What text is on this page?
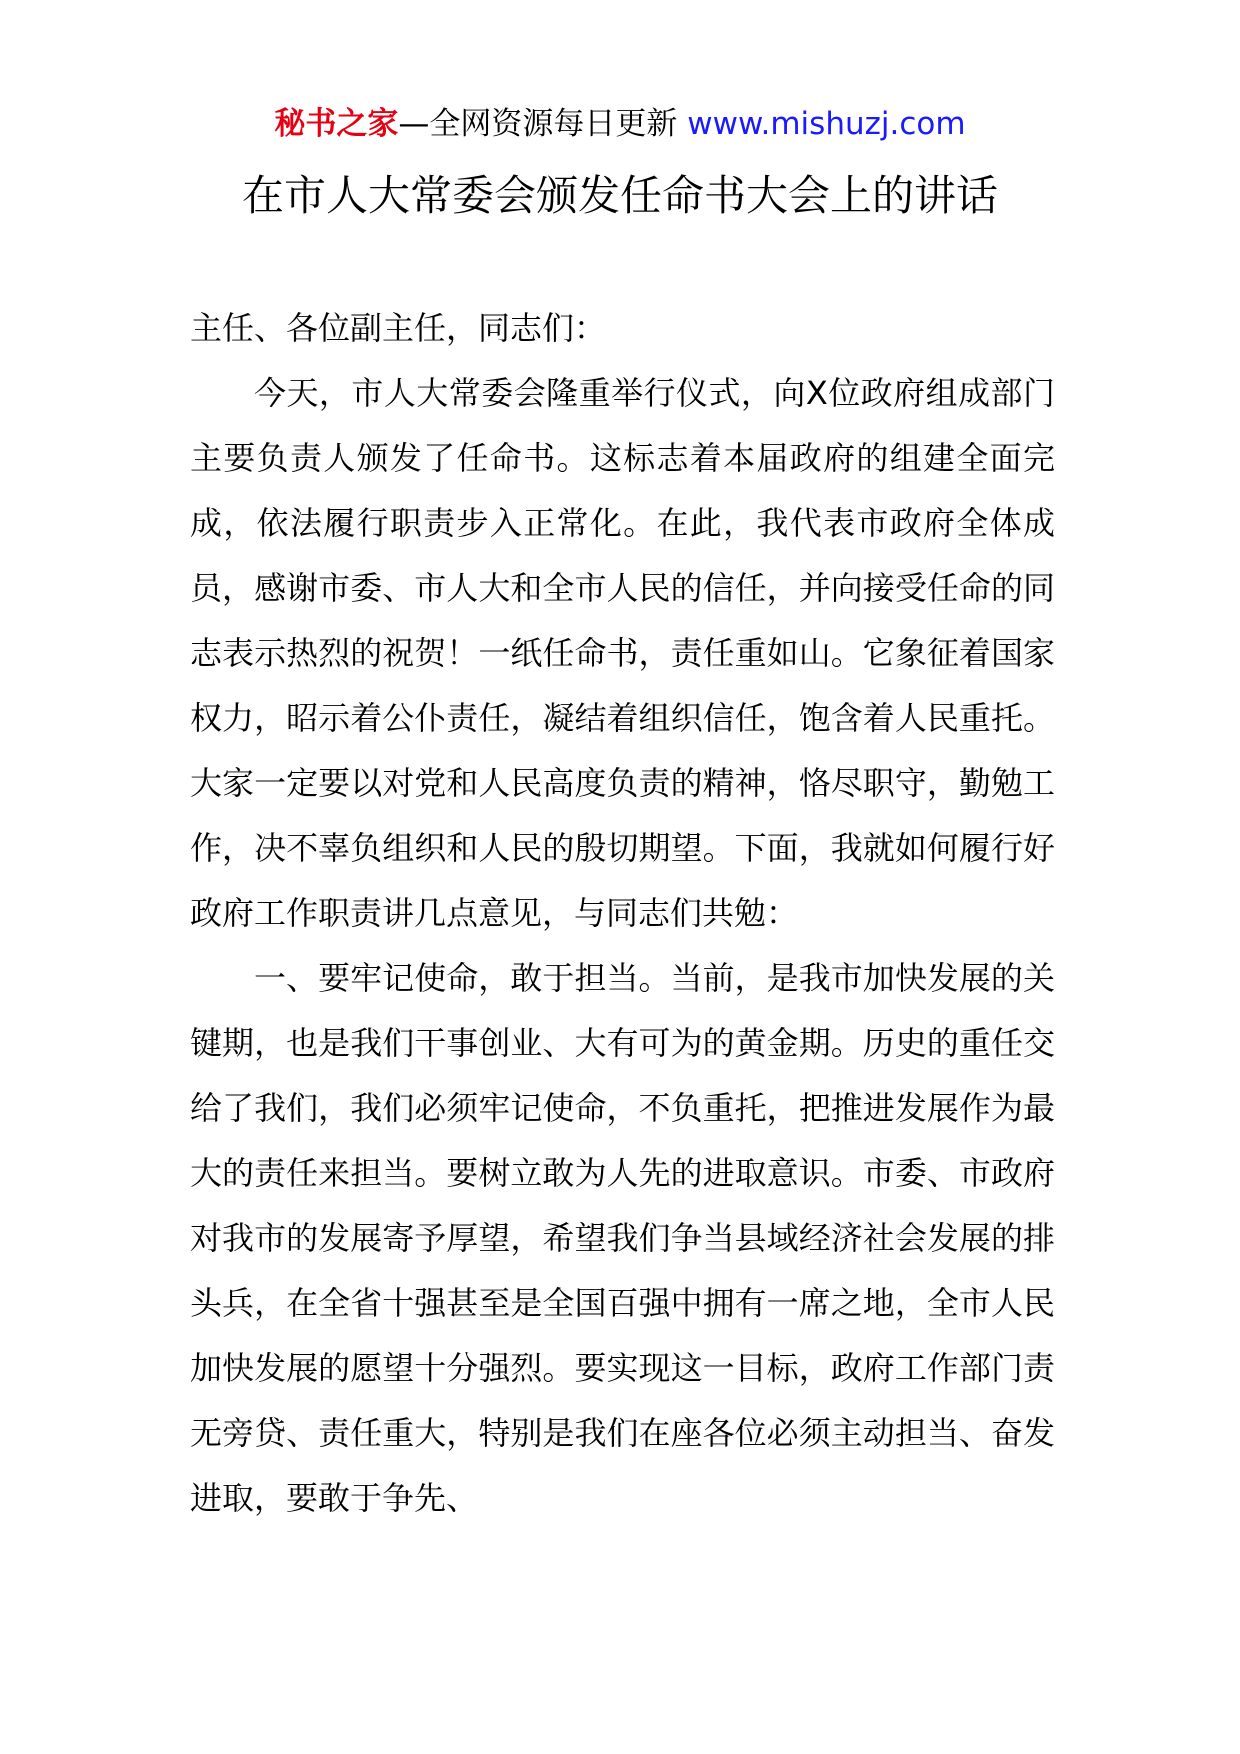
秘书之家—全网资源每日更新 www.mishuzj.com
在市人大常委会颁发任命书大会上的讲话

主任、各位副主任，同志们：

今天，市人大常委会隆重举行仪式，向X位政府组成部门主要负责人颁发了任命书。这标志着本届政府的组建全面完成，依法履行职责步入正常化。在此，我代表市政府全体成员，感谢市委、市人大和全市人民的信任，并向接受任命的同志表示热烈的祝贺！一纸任命书，责任重如山。它象征着国家权力，昭示着公仆责任，凝结着组织信任，饱含着人民重托。大家一定要以对党和人民高度负责的精神，恪尽职守，勤勉工作，决不辜负组织和人民的殷切期望。下面，我就如何履行好政府工作职责讲几点意见，与同志们共勉：

一、要牢记使命，敢于担当。当前，是我市加快发展的关键期，也是我们干事创业、大有可为的黄金期。历史的重任交给了我们，我们必须牢记使命，不负重托，把推进发展作为最大的责任来担当。要树立敢为人先的进取意识。市委、市政府对我市的发展寄予厚望，希望我们争当县域经济社会发展的排头兵，在全省十强甚至是全国百强中拥有一席之地，全市人民加快发展的愿望十分强烈。要实现这一目标，政府工作部门责无旁贷、责任重大，特别是我们在座各位必须主动担当、奋发进取，要敢于争先、
